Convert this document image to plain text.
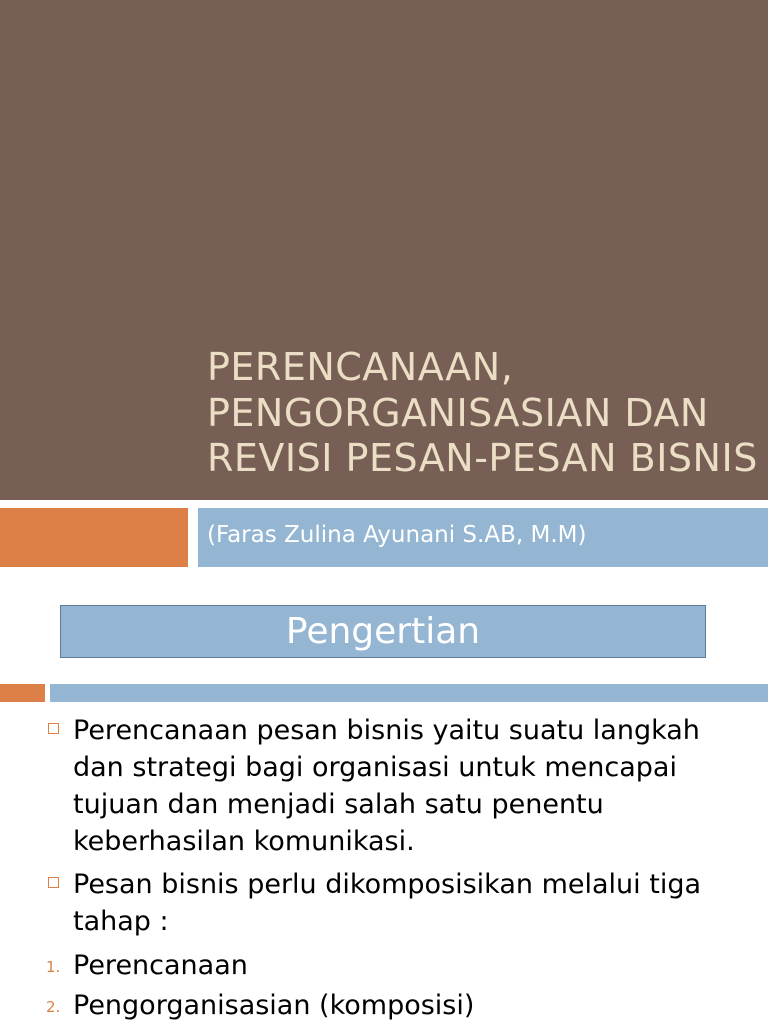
PERENCANAAN, PENGORGANISASIAN DAN REVISI PESAN-PESAN BISNIS

(Faras Zulina Ayunani S.AB, M.M)

Pengertian
Perencanaan pesan bisnis yaitu suatu langkah dan strategi bagi organisasi untuk mencapai tujuan dan menjadi salah satu penentu keberhasilan komunikasi.
Pesan bisnis perlu dikomposisikan melalui tiga tahap :
1. Perencanaan
2. Pengorganisasian (komposisi)
